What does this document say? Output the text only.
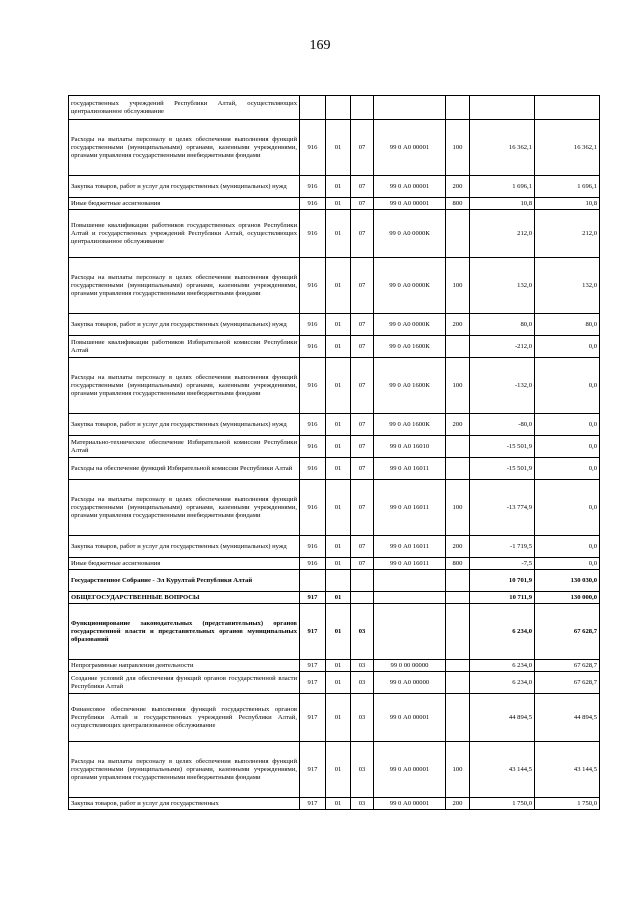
169
государственных учреждений Республики Алтай, осуществляющих централизованное обслуживание							
Расходы на выплаты персоналу в целях обеспечения выполнения функций государственными (муниципальными) органами, казенными учреждениями, органами управления государственными внебюджетными фондами	916	01	07	99 0 А0 00001	100	16 362,1	16 362,1
Закупка товаров, работ и услуг для государственных (муниципальных) нужд	916	01	07	99 0 А0 00001	200	1 696,1	1 696,1
Иные бюджетные ассигнования	916	01	07	99 0 А0 00001	800	10,8	10,8
Повышение квалификации работников государственных органов Республики Алтай и государственных учреждений Республики Алтай, осуществляющих централизованное обслуживание	916	01	07	99 0 А0 0000К		212,0	212,0
Расходы на выплаты персоналу в целях обеспечения выполнения функций государственными (муниципальными) органами, казенными учреждениями, органами управления государственными внебюджетными фондами	916	01	07	99 0 А0 0000К	100	132,0	132,0
Закупка товаров, работ и услуг для государственных (муниципальных) нужд	916	01	07	99 0 А0 0000К	200	80,0	80,0
Повышение квалификации работников Избирательной комиссии Республики Алтай	916	01	07	99 0 А0 1600К		-212,0	0,0
Расходы на выплаты персоналу в целях обеспечения выполнения функций государственными (муниципальными) органами, казенными учреждениями, органами управления государственными внебюджетными фондами	916	01	07	99 0 А0 1600К	100	-132,0	0,0
Закупка товаров, работ и услуг для государственных (муниципальных) нужд	916	01	07	99 0 А0 1600К	200	-80,0	0,0
Материально-техническое обеспечение Избирательной комиссии Республики Алтай	916	01	07	99 0 А0 16010		-15 501,9	0,0
Расходы на обеспечение функций Избирательной комиссии Республики Алтай	916	01	07	99 0 А0 16011		-15 501,9	0,0
Расходы на выплаты персоналу в целях обеспечения выполнения функций государственными (муниципальными) органами, казенными учреждениями, органами управления государственными внебюджетными фондами	916	01	07	99 0 А0 16011	100	-13 774,9	0,0
Закупка товаров, работ и услуг для государственных (муниципальных) нужд	916	01	07	99 0 А0 16011	200	-1 719,5	0,0
Иные бюджетные ассигнования	916	01	07	99 0 А0 16011	800	-7,5	0,0
Государственное Собрание - Эл Курултай Республики Алтай						10 701,9	130 030,0
ОБЩЕГОСУДАРСТВЕННЫЕ ВОПРОСЫ	917	01				10 711,9	130 000,0
Функционирование законодательных (представительных) органов государственной власти и представительных органов муниципальных образований	917	01	03			6 234,0	67 628,7
Непрограммные направления деятельности	917	01	03	99 0 00 00000		6 234,0	67 628,7
Создание условий для обеспечения функций органов государственной власти Республики Алтай	917	01	03	99 0 А0 00000		6 234,0	67 628,7
Финансовое обеспечение выполнения функций государственных органов Республики Алтай и государственных учреждений Республики Алтай, осуществляющих централизованное обслуживание	917	01	03	99 0 А0 00001		44 894,5	44 894,5
Расходы на выплаты персоналу в целях обеспечения выполнения функций государственными (муниципальными) органами, казенными учреждениями, органами управления государственными внебюджетными фондами	917	01	03	99 0 А0 00001	100	43 144,5	43 144,5
Закупка товаров, работ и услуг для государственных	917	01	03	99 0 А0 00001	200	1 750,0	1 750,0
